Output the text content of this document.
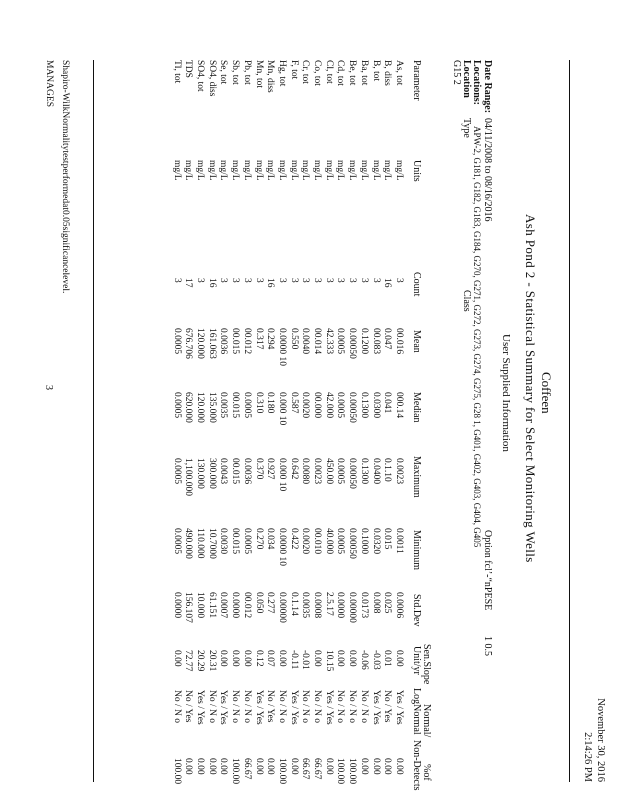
November 30, 2016
2:14:26 PM
Coffeen
Ash Pond 2 - Statistical Summary for Select Monitoring Wells
User Supplied Information
Date Range:
04/11/2008 to 08/16/2016
Locations:
APW-2, G181, G182, G183, G184, G270, G271, G272, G273, G274, G275, G28 1, G401, G402, G403, G404, G405
Option fcl’-“nPESE
1 0.5
Location
G15 2
Class
Type
Parameter
Units
Count
Mean
Median
Maximum
Minimum
Std.Dev
Sen.Slope
Unit/yr
Normal/
LogNormal
%of
Non-Detects
As, tot
mg/L
3
00.016
000.14
0.0023
0.0011
0.0006
0.00
Yes / Yes
0.00
B, diss
mg/L
16
0.047
0.041
0.1.10
0.015
0.025
0.01
No / Yes
0.00
B, tot
mg/L
3
00.083
0.0300
0.0400
0.0320
0.008
-0.03
Yes / Yes
0.00
Ba, tot
mg/L
3
0.1200
0.1300
0.1300
0.1000
0.0173
-0.06
No / N o
0.00
Be, tot
mg/L
3
0.00050
0.00050
0.00050
0.00050
0.00000
0.00
No / N o
100.00
Cd, tot
mg/L
3
0.0005
0.0005
0.0005
0.0005
0.0000
0.00
No / N o
100.00
Cl, tot
mg/L
3
42.333
42.000
450.00
40.000
2.5.17
10.15
Yes / Yes
0.00
Co, tot
mg/L
3
00.014
00.000
0.0023
00.010
0.0008
0.00
No / N o
66.67
Cr, tot
mg/L
3
0.0040
0.0020
0.0080
0.0020
0.0035
-0.01
No / N o
66.67
F, tot
mg/L
3
0.550
0.587
0.642
0.422
0.1.14
-0.11
Yes / Yes
0.00
Hg, tot
mg/L
3
0.0000 10
0.000 10
0.000 10
0.0000 10
0.00000
0.00
No / N o
100.00
Mn, diss
mg/L
16
0.294
0.180
0.927
0.034
0.277
0.07
No / Yes
0.00
Mn, tot
mg/L
3
0.317
0.310
0.370
0.270
0.050
0.12
Yes / Yes
0.00
Pb, tot
mg/L
3
00.012
0.0005
0.0036
0.0005
00.012
0.00
No / N o
66.67
Sb, tot
mg/L
3
00.015
00.015
00.015
00.015
0.0000
0.00
No / N o
100.00
Se, tot
mg/L
3
0.0036
0.0035
0.0043
0.0030
0.0007
0.00
Yes / Yes
0.00
SO4, diss
mg/L
16
161.063
135.000
300.000
10.7000
61.151
20.31
No / N o
0.00
SO4, tot
mg/L
3
120.000
120.000
130.000
110.000
10.000
20.29
Yes / Yes
0.00
TDS
mg/L
17
676.706
620.000
1,100.000
490.000
156.107
72.77
No / Yes
0.00
Tl, tot
mg/L
3
0.0005
0.0005
0.0005
0.0005
0.0000
0.00
No / N o
100.00
Shapiro-WilkNormalitytestperformedat0.05significancelevel.
3
MANAGES
